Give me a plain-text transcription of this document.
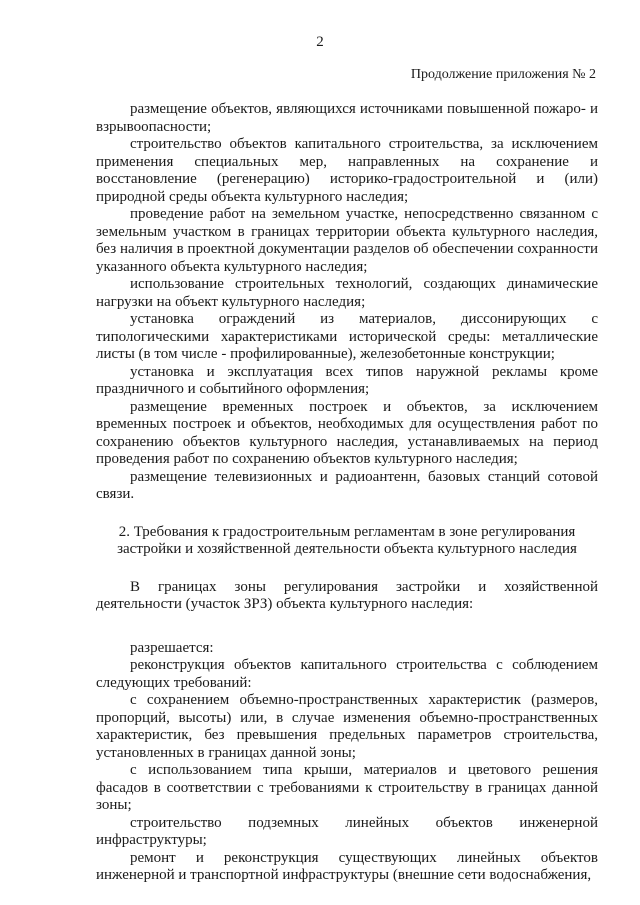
2
Продолжение приложения № 2

размещение объектов, являющихся источниками повышенной пожаро- и взрывоопасности;

строительство объектов капитального строительства, за исключением применения специальных мер, направленных на сохранение и восстановление (регенерацию) историко-градостроительной и (или) природной среды объекта культурного наследия;

проведение работ на земельном участке, непосредственно связанном с земельным участком в границах территории объекта культурного наследия, без наличия в проектной документации разделов об обеспечении сохранности указанного объекта культурного наследия;

использование строительных технологий, создающих динамические нагрузки на объект культурного наследия;

установка ограждений из материалов, диссонирующих с типологическими характеристиками исторической среды: металлические листы (в том числе - профилированные), железобетонные конструкции;

установка и эксплуатация всех типов наружной рекламы кроме праздничного и событийного оформления;

размещение временных построек и объектов, за исключением временных построек и объектов, необходимых для осуществления работ по сохранению объектов культурного наследия, устанавливаемых на период проведения работ по сохранению объектов культурного наследия;

размещение телевизионных и радиоантенн, базовых станций сотовой связи.

2. Требования к градостроительным регламентам в зоне регулирования застройки и хозяйственной деятельности объекта культурного наследия

В границах зоны регулирования застройки и хозяйственной деятельности (участок ЗРЗ) объекта культурного наследия:

разрешается:

реконструкция объектов капитального строительства с соблюдением следующих требований:

с сохранением объемно-пространственных характеристик (размеров, пропорций, высоты) или, в случае изменения объемно-пространственных характеристик, без превышения предельных параметров строительства, установленных в границах данной зоны;

с использованием типа крыши, материалов и цветового решения фасадов в соответствии с требованиями к строительству в границах данной зоны;

строительство подземных линейных объектов инженерной инфраструктуры;

ремонт и реконструкция существующих линейных объектов инженерной и транспортной инфраструктуры (внешние сети водоснабжения,
